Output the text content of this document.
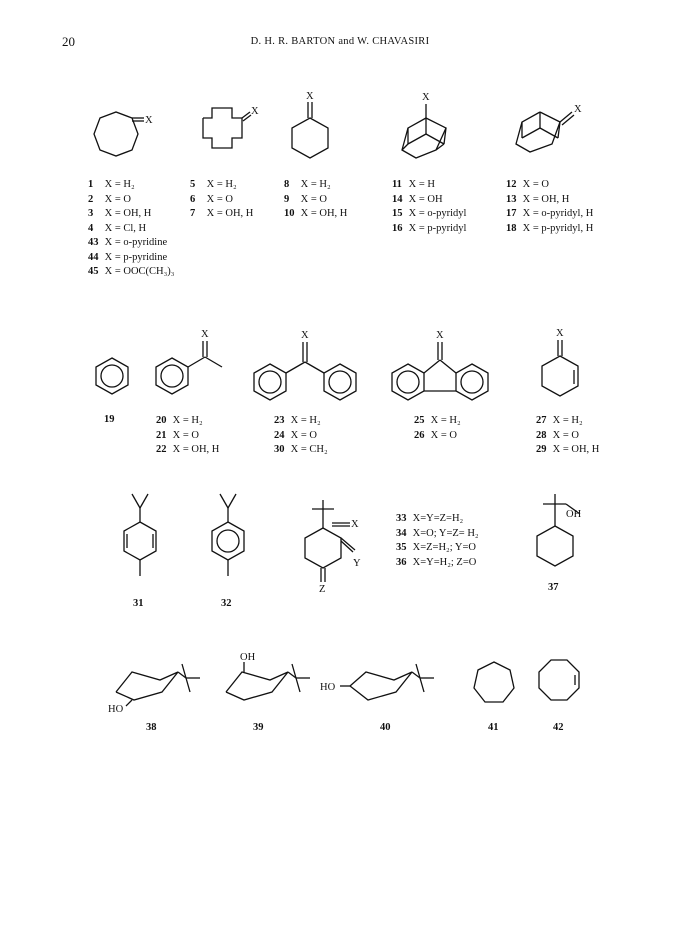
20	D. H. R. BARTON and W. CHAVASIRI
X
X
X	X
X
X	X	X	X
X
Y
Z
OH
HO
OH
HO
1 X = H₂
2 X = O
3 X = OH, H
4 X = Cl, H
43 X = o-pyridine
44 X = p-pyridine
45 X = OOC(CH₃)₃
5 X = H₂
6 X = O
7 X = OH, H
8 X = H₂
9 X = O
10 X = OH, H
11 X = H
14 X = OH
15 X = o-pyridyl
16 X = p-pyridyl
12 X = O
13 X = OH, H
17 X = o-pyridyl, H
18 X = p-pyridyl, H
19	20 X = H₂
21 X = O
22 X = OH, H
23 X = H₂
24 X = O
30 X = CH₂
25 X = H₂
26 X = O
27 X = H₂
28 X = O
29 X = OH, H
31	32
33 X=Y=Z=H₂
34 X=O; Y=Z= H₂
35 X=Z=H₂; Y=O
36 X=Y=H₂; Z=O
37
38	39	40	41	42
